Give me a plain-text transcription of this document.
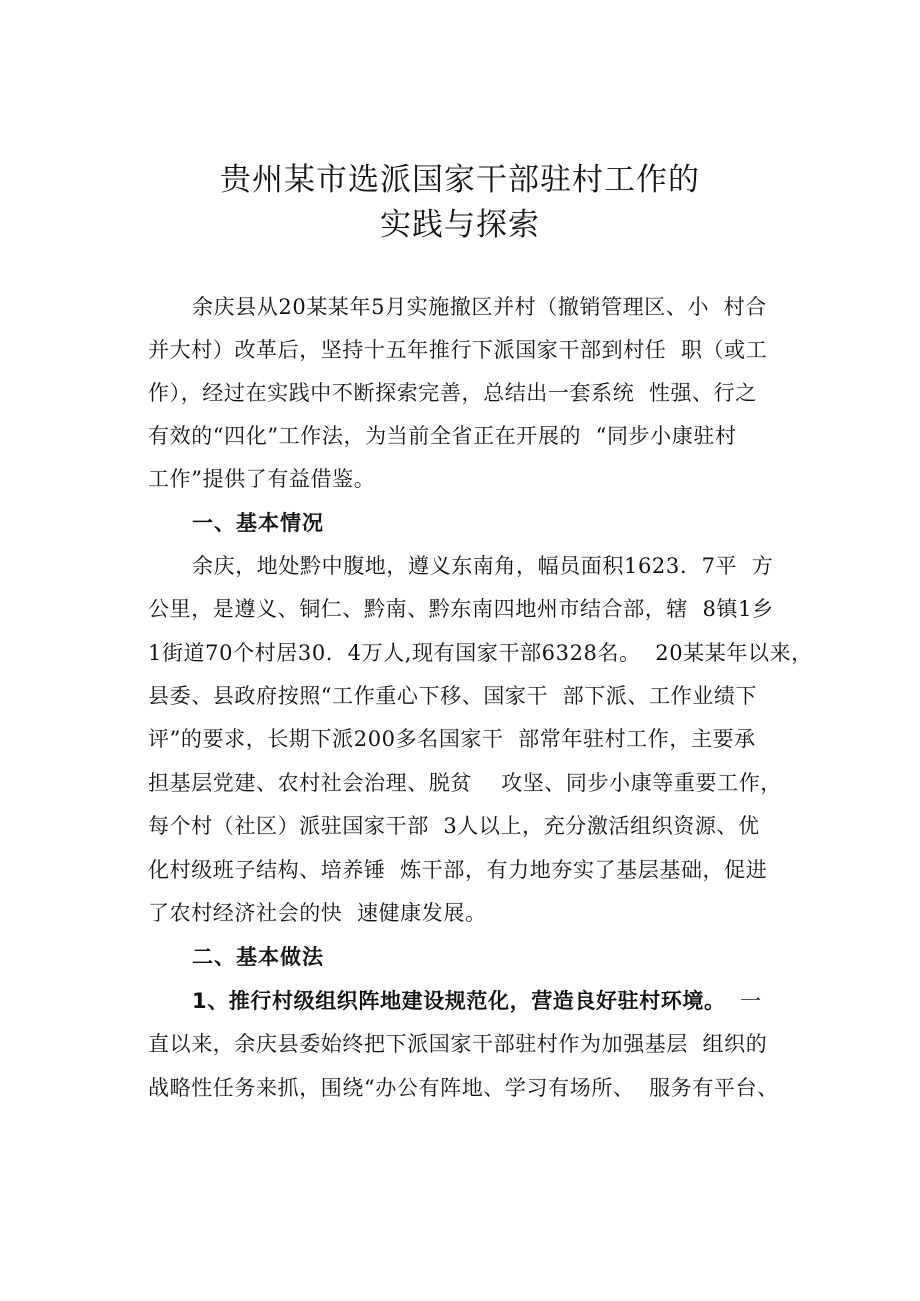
贵州某市选派国家干部驻村工作的
实践与探索
余庆县从20某某年5月实施撤区并村（撤销管理区、小  村合
并大村）改革后，坚持十五年推行下派国家干部到村任  职（或工
作），经过在实践中不断探索完善，总结出一套系统  性强、行之
有效的“四化”工作法，为当前全省正在开展的  “同步小康驻村
工作”提供了有益借鉴。
一、基本情况
余庆，地处黔中腹地，遵义东南角，幅员面积1623.  7平  方
公里，是遵义、铜仁、黔南、黔东南四地州市结合部，辖  8镇1乡
1街道70个村居30.  4万人,现有国家干部6328名。  20某某年以来，
县委、县政府按照“工作重心下移、国家干  部下派、工作业绩下
评”的要求，长期下派200多名国家干  部常年驻村工作，主要承
担基层党建、农村社会治理、脱贫    攻坚、同步小康等重要工作，
每个村（社区）派驻国家干部  3人以上，充分激活组织资源、优
化村级班子结构、培养锤  炼干部，有力地夯实了基层基础，促进
了农村经济社会的快  速健康发展。
二、基本做法
1、推行村级组织阵地建设规范化，营造良好驻村环境。  一
直以来，余庆县委始终把下派国家干部驻村作为加强基层  组织的
战略性任务来抓，围绕“办公有阵地、学习有场所、  服务有平台、
